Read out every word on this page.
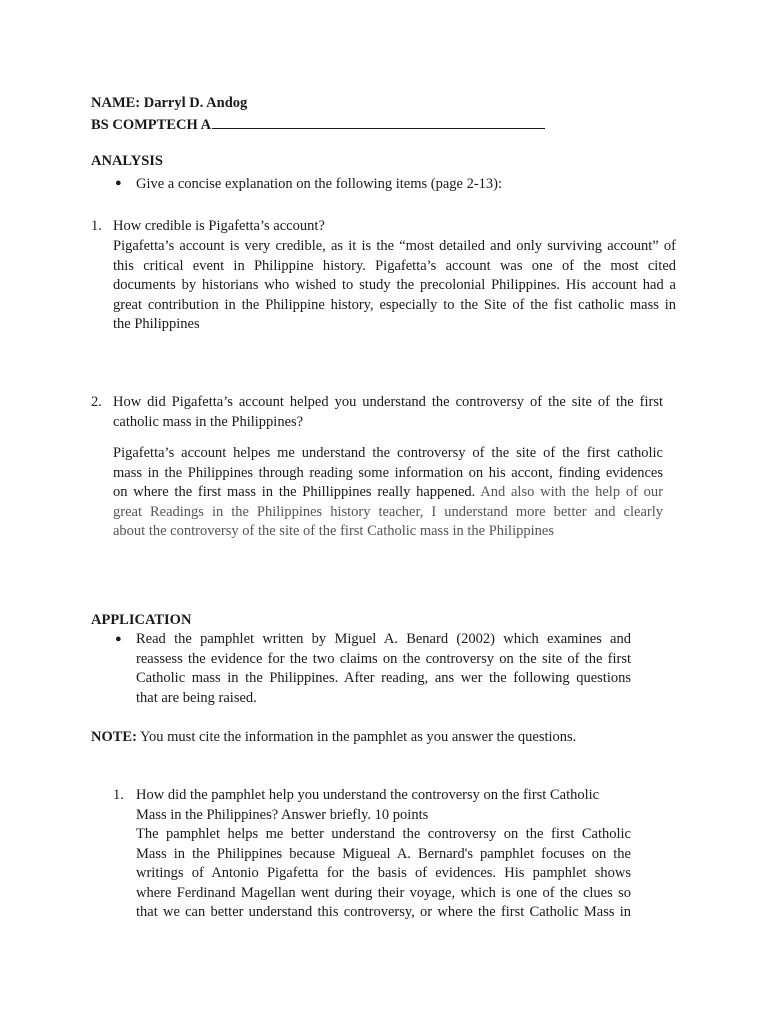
NAME: Darryl D. Andog
BS COMPTECH A
ANALYSIS
● Give a concise explanation on the following items (page 2-13):
1. How credible is Pigafetta’s account?
Pigafetta’s account is very credible, as it is the “most detailed and only surviving account” of
this critical event in Philippine history. Pigafetta’s account was one of the most cited
documents by historians who wished to study the precolonial Philippines. His account had a
great contribution in the Philippine history, especially to the Site of the fist catholic mass in
the Philippines
2. How did Pigafetta’s account helped you understand the controversy of the site of the first
catholic mass in the Philippines?
Pigafetta’s account helpes me understand the controversy of the site of the first catholic
mass in the Philippines through reading some information on his accont, finding evidences
on where the first mass in the Phillippines really happened. And also with the help of our
great Readings in the Philippines history teacher, I understand more better and clearly
about the controversy of the site of the first Catholic mass in the Philippines
APPLICATION
● Read the pamphlet written by Miguel A. Benard (2002) which examines and
reassess the evidence for the two claims on the controversy on the site of the first
Catholic mass in the Philippines. After reading, ans wer the following questions
that are being raised.
NOTE: You must cite the information in the pamphlet as you answer the questions.
1. How did the pamphlet help you understand the controversy on the first Catholic
Mass in the Philippines? Answer briefly. 10 points
The pamphlet helps me better understand the controversy on the first Catholic
Mass in the Philippines because Migueal A. Bernard's pamphlet focuses on the
writings of Antonio Pigafetta for the basis of evidences. His pamphlet shows
where Ferdinand Magellan went during their voyage, which is one of the clues so
that we can better understand this controversy, or where the first Catholic Mass in
